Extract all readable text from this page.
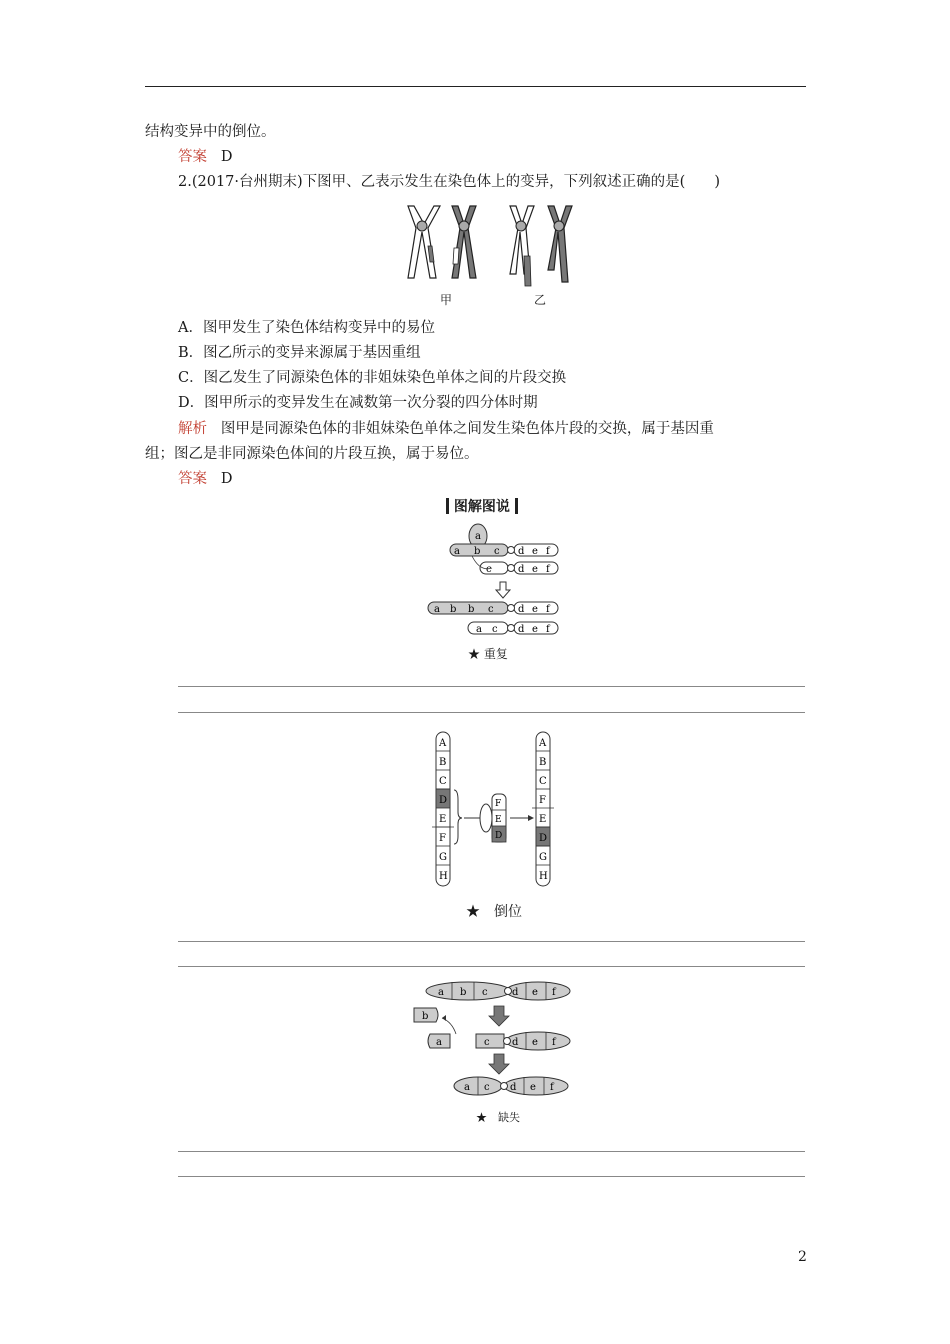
结构变异中的倒位。
答案 D
2.(2017·台州期末)下图甲、乙表示发生在染色体上的变异，下列叙述正确的是(　　)
甲	乙
A．图甲发生了染色体结构变异中的易位
B．图乙所示的变异来源属于基因重组
C．图乙发生了同源染色体的非姐妹染色单体之间的片段交换
D．图甲所示的变异发生在减数第一次分裂的四分体时期
解析 图甲是同源染色体的非姐妹染色单体之间发生染色体片段的交换，属于基因重
组；图乙是非同源染色体间的片段互换，属于易位。
答案 D
图解图说
a
a b c d e f
c	d e f
a b b c d e f
a c d e f
★ 重复
A
B
C
D
E
F
G
H
F
E
D
A
B
C
F
E
D
G
H
★　倒位
a b c d e f
b
a	c d e f
a c d e f
★　缺失
2
